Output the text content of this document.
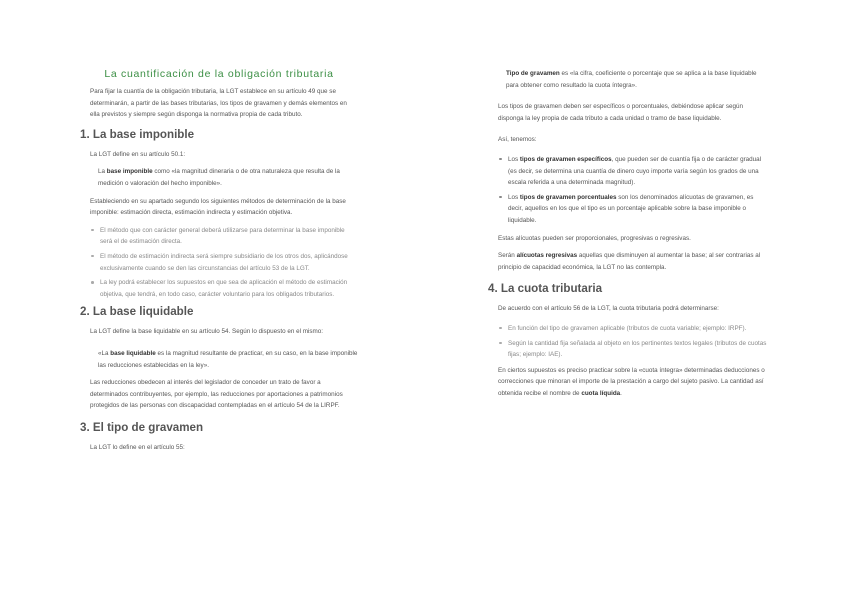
La cuantificación de la obligación tributaria

Para fijar la cuantía de la obligación tributaria, la LGT establece en su artículo 49 que se determinarán, a partir de las bases tributarias, los tipos de gravamen y demás elementos en ella previstos y siempre según disponga la normativa propia de cada tributo.

1. La base imponible

La LGT define en su artículo 50.1:

La base imponible como «la magnitud dineraria o de otra naturaleza que resulta de la medición o valoración del hecho imponible».

Estableciendo en su apartado segundo los siguientes métodos de determinación de la base imponible: estimación directa, estimación indirecta y estimación objetiva.

El método que con carácter general deberá utilizarse para determinar la base imponible será el de estimación directa.
El método de estimación indirecta será siempre subsidiario de los otros dos, aplicándose exclusivamente cuando se den las circunstancias del artículo 53 de la LGT.
La ley podrá establecer los supuestos en que sea de aplicación el método de estimación objetiva, que tendrá, en todo caso, carácter voluntario para los obligados tributarios.
2. La base liquidable

La LGT define la base liquidable en su artículo 54. Según lo dispuesto en el mismo:

«La base liquidable es la magnitud resultante de practicar, en su caso, en la base imponible las reducciones establecidas en la ley».

Las reducciones obedecen al interés del legislador de conceder un trato de favor a determinados contribuyentes, por ejemplo, las reducciones por aportaciones a patrimonios protegidos de las personas con discapacidad contempladas en el artículo 54 de la LIRPF.

3. El tipo de gravamen

La LGT lo define en el artículo 55:

Tipo de gravamen es «la cifra, coeficiente o porcentaje que se aplica a la base liquidable para obtener como resultado la cuota íntegra».

Los tipos de gravamen deben ser específicos o porcentuales, debiéndose aplicar según disponga la ley propia de cada tributo a cada unidad o tramo de base liquidable.

Así, tenemos:

Los tipos de gravamen específicos, que pueden ser de cuantía fija o de carácter gradual (es decir, se determina una cuantía de dinero cuyo importe varía según los grados de una escala referida a una determinada magnitud).
Los tipos de gravamen porcentuales son los denominados alícuotas de gravamen, es decir, aquellos en los que el tipo es un porcentaje aplicable sobre la base imponible o liquidable.

Estas alícuotas pueden ser proporcionales, progresivas o regresivas.

Serán alícuotas regresivas aquellas que disminuyen al aumentar la base; al ser contrarias al principio de capacidad económica, la LGT no las contempla.

4. La cuota tributaria

De acuerdo con el artículo 56 de la LGT, la cuota tributaria podrá determinarse:

En función del tipo de gravamen aplicable (tributos de cuota variable; ejemplo: IRPF).
Según la cantidad fija señalada al objeto en los pertinentes textos legales (tributos de cuotas fijas; ejemplo: IAE).

En ciertos supuestos es preciso practicar sobre la «cuota íntegra» determinadas deducciones o correcciones que minoran el importe de la prestación a cargo del sujeto pasivo. La cantidad así obtenida recibe el nombre de cuota líquida.
